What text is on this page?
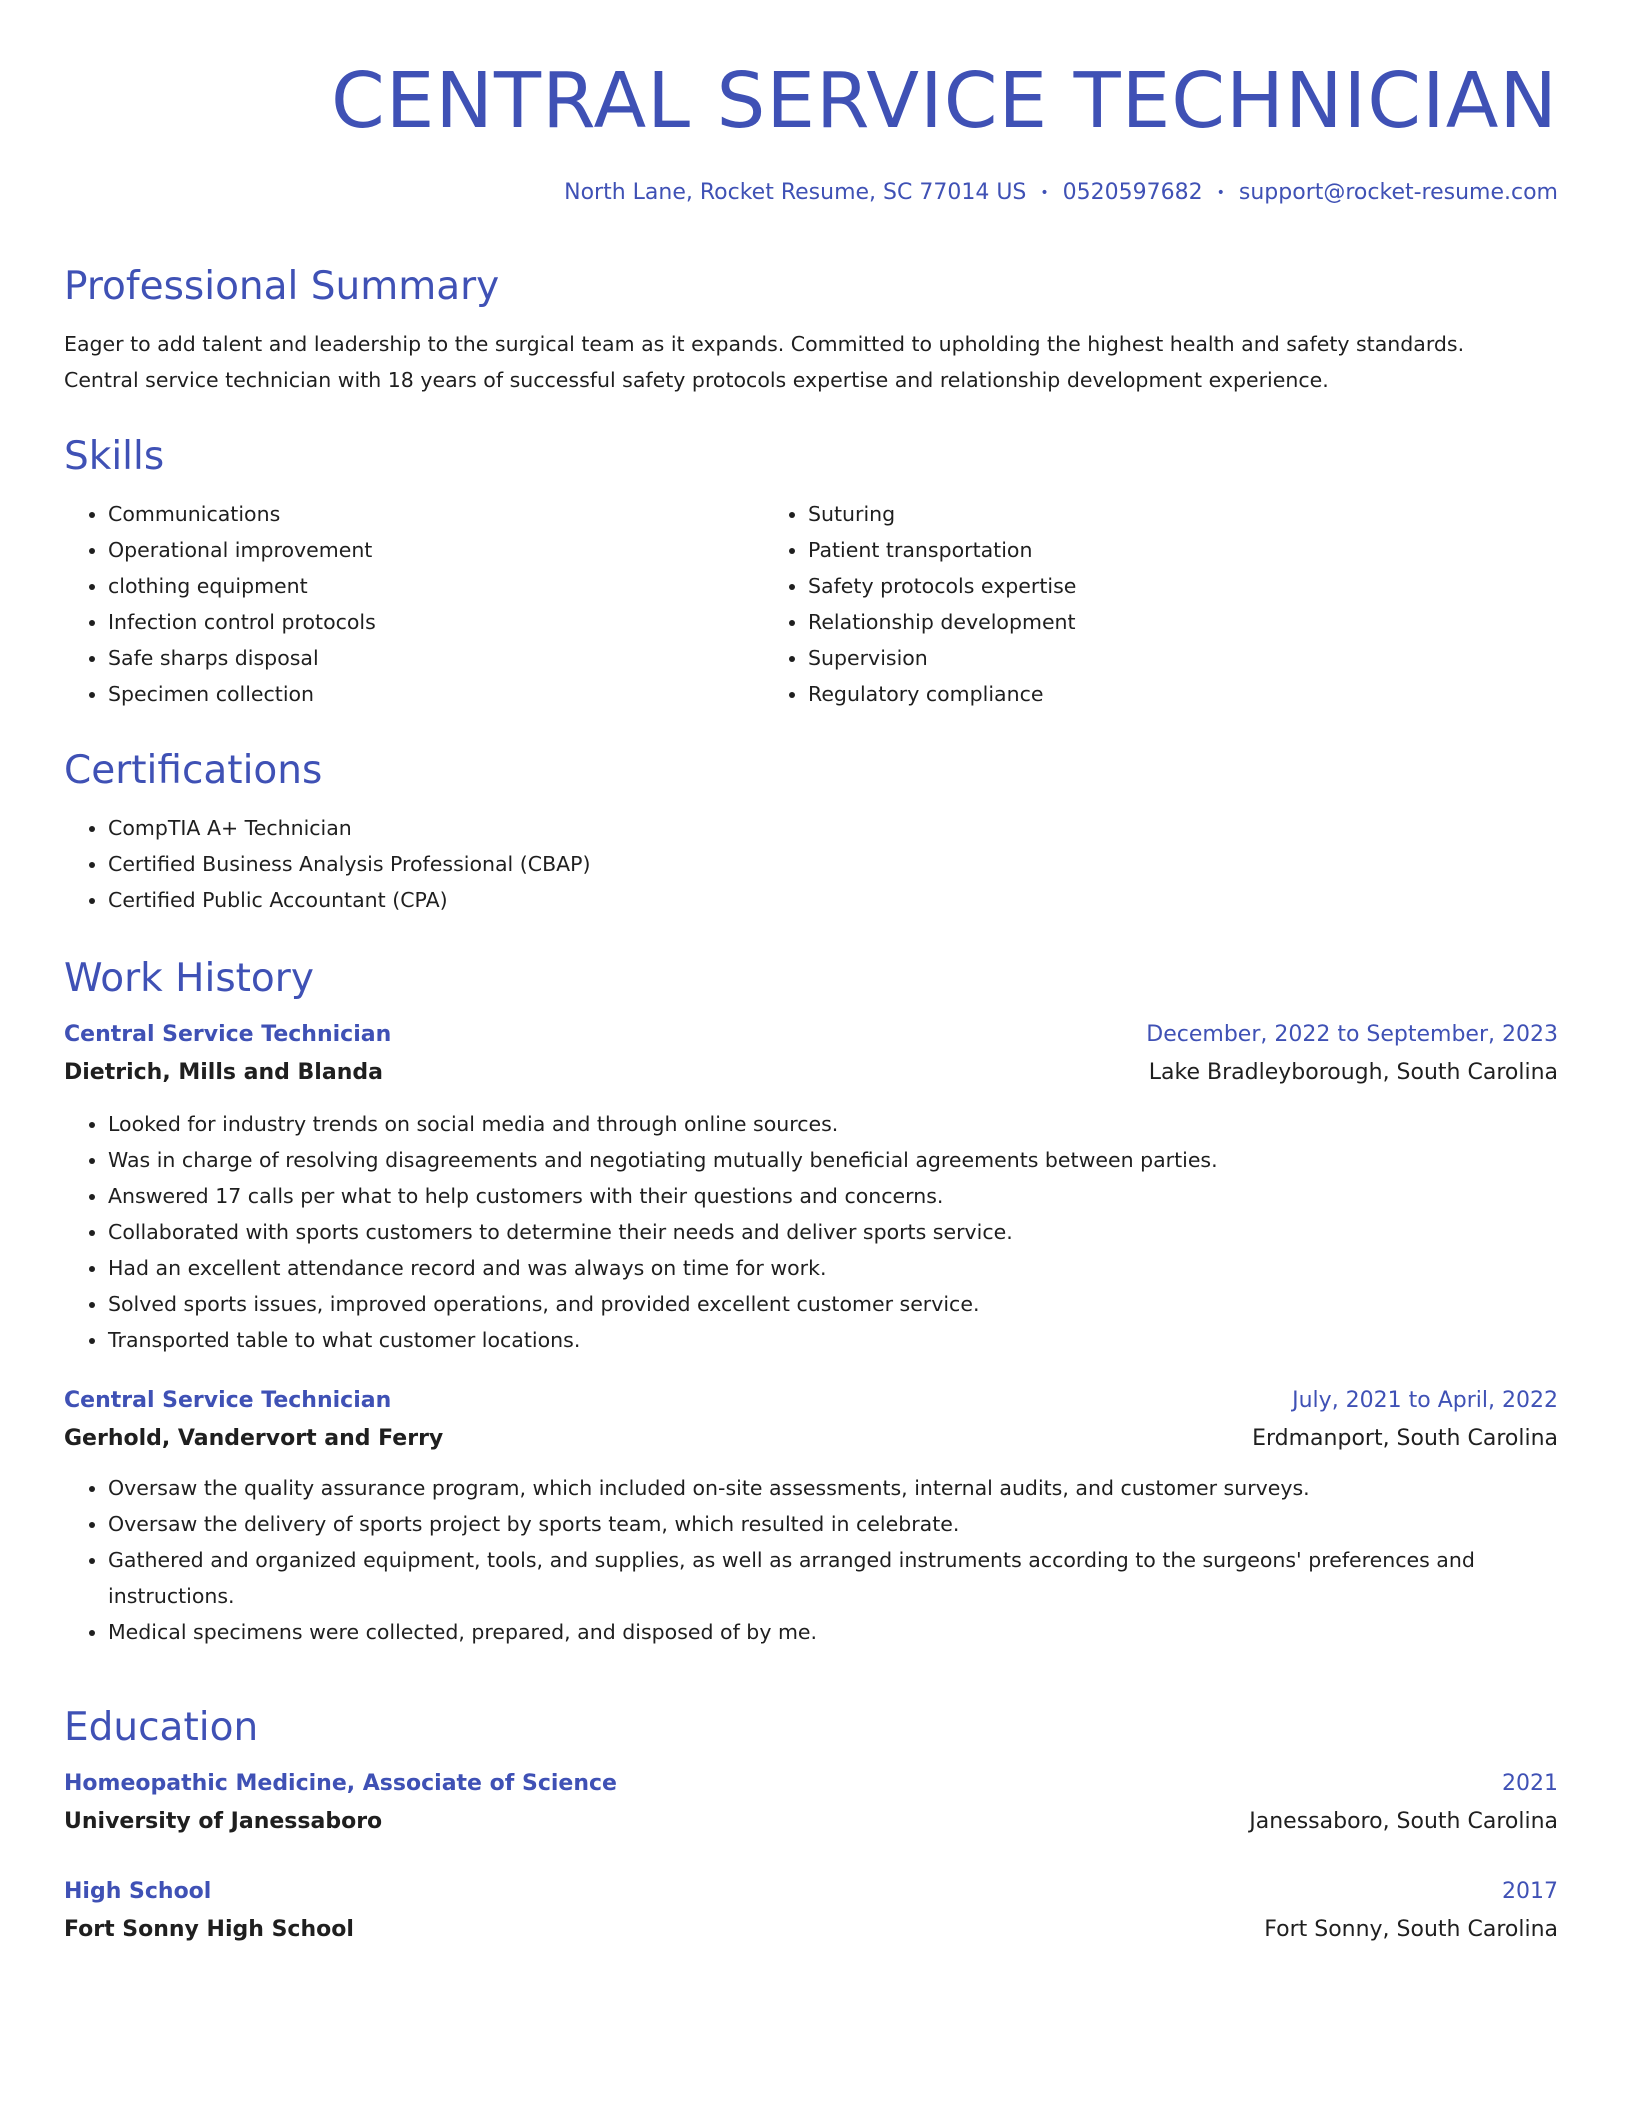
CENTRAL SERVICE TECHNICIAN
North Lane, Rocket Resume, SC 77014 US • 0520597682 • support@rocket-resume.com
Professional Summary

Eager to add talent and leadership to the surgical team as it expands. Committed to upholding the highest health and safety standards.

Central service technician with 18 years of successful safety protocols expertise and relationship development experience.

Skills
• Communications
• Operational improvement
• clothing equipment
• Infection control protocols
• Safe sharps disposal
• Specimen collection
• Suturing
• Patient transportation
• Safety protocols expertise
• Relationship development
• Supervision
• Regulatory compliance
Certifications
• CompTIA A+ Technician
• Certified Business Analysis Professional (CBAP)
• Certified Public Accountant (CPA)
Work History
Central Service Technician	December, 2022 to September, 2023
Dietrich, Mills and Blanda	Lake Bradleyborough, South Carolina
• Looked for industry trends on social media and through online sources.
• Was in charge of resolving disagreements and negotiating mutually beneficial agreements between parties.
• Answered 17 calls per what to help customers with their questions and concerns.
• Collaborated with sports customers to determine their needs and deliver sports service.
• Had an excellent attendance record and was always on time for work.
• Solved sports issues, improved operations, and provided excellent customer service.
• Transported table to what customer locations.
Central Service Technician	July, 2021 to April, 2022
Gerhold, Vandervort and Ferry	Erdmanport, South Carolina
• Oversaw the quality assurance program, which included on-site assessments, internal audits, and customer surveys.
• Oversaw the delivery of sports project by sports team, which resulted in celebrate.
• Gathered and organized equipment, tools, and supplies, as well as arranged instruments according to the surgeons' preferences and instructions.
• Medical specimens were collected, prepared, and disposed of by me.
Education
Homeopathic Medicine, Associate of Science	2021
University of Janessaboro	Janessaboro, South Carolina
High School	2017
Fort Sonny High School	Fort Sonny, South Carolina
